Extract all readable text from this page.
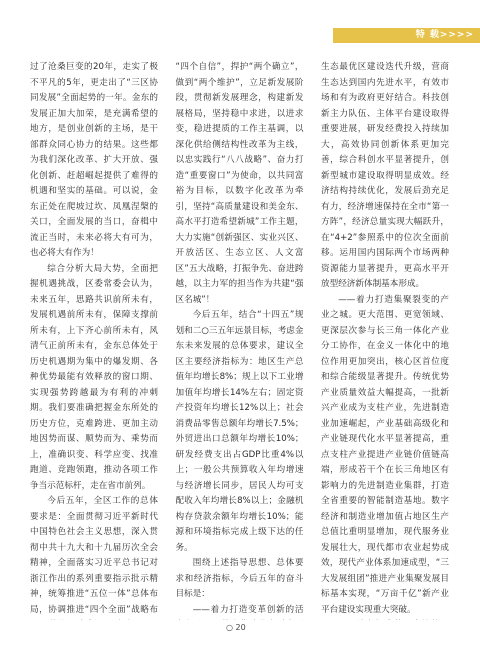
特 载>>>>

过了沧桑巨变的20年，走实了极不平凡的5年，更走出了“三区协同发展”全面起势的一年。金东的发展正加大加荣，是充满希望的地方，是创业创新的主场，是干部群众同心协力的结果。这些都为我们深化改革、扩大开放、强化创新、赶超崛起提供了难得的机遇和坚实的基础。可以说，金东正处在爬坡过坎、凤凰涅槃的关口，全面发展的当口，奋楫中流正当时，未来必将大有可为，也必将大有作为！

综合分析大局大势，全面把握机遇挑战，区委常委会认为，未来五年，思路共识前所未有，发展机遇前所未有，保障支撑前所未有，上下齐心前所未有，风清气正前所未有，金东总体处于历史机遇期为集中的爆发期、各种优势最能有效释放的窗口期、实现强势跨越最为有利的冲刺期。我们要准确把握金东所处的历史方位，克难跨进、更加主动地因势而谋、顺势而为、乘势而上，准确识变、科学应变、找准跑道、竞跑领跑，推动各项工作争当示范标杆，走在省市前列。

今后五年，全区工作的总体要求是：全面贯彻习近平新时代中国特色社会主义思想，深入贯彻中共十九大和十九届历次全会精神，全面落实习近平总书记对浙江作出的系列重要指示批示精神，统筹推进“五位一体”总体布局，协调推进“四个全面”战略布

“四个自信”，捍护“两个确立”，做到“两个维护”，立足新发展阶段，贯彻新发展理念，构建新发展格局，坚持稳中求进，以进求变，稳进提质的工作主基调，以深化供给侧结构性改革为主线，以忠实践行“八八战略”、奋力打造“重要窗口”为使命，以共同富裕为目标，以数字化改革为牵引，坚持“高质量建设和美金东、高水平打造希望新城”工作主题，大力实施“创新强区、实业兴区、开放活区、生态立区、人文富区”五大战略，打振争先、奋进跨越，以主力军的担当作为共建“强区名城”！

今后五年，结合“十四五”规划和二○三五年远景目标，考虑金东未来发展的总体要求，建议全区主要经济指标为：地区生产总值年均增长8%；规上以下工业增加值年均增长14%左右；固定资产投资年均增长12%以上；社会消费品零售总额年均增长7.5%；外贸进出口总额年均增长10%；研发经费支出占GDP比重4%以上；一般公共预算收入年均增速与经济增长同步，居民人均可支配收入年均增长8%以上；金融机构存贷款余额年均增长10%；能源和环境指标完成上级下达的任务。

围绕上述指导思想、总体要求和经济指标，今后五年的奋斗目标是：

——着力打造变革创新的活

生态最优区建设迭代升级，营商生态达到国内先进水平，有效市场和有为政府更好结合。科技创新主力队伍、主体平台建设取得重要进展，研发经费投入持续加大，高效协同创新体系更加完善，综合科创水平显著提升，创新型城市建设取得明显成效。经济结构持续优化，发展后劲充足有力，经济增速保持在全市“第一方阵”，经济总量实现大幅跃升，在“4+2”参照系中的位次全面前移。运用国内国际两个市场两种资源能力显著提升，更高水平开放型经济新体制基本形成。

——着力打造集聚裂变的产业之城。更大范围、更宽领域、更深层次参与长三角一体化产业分工协作，在金义一体化中的地位作用更加突出，核心区首位度和综合能级显著提升。传统优势产业质量效益大幅提高，一批新兴产业成为支柱产业，先进制造业加速崛起，产业基础高级化和产业链现代化水平显著提高，重点支柱产业提进产业链价值链高端，形成若干个在长三角地区有影响力的先进制造业集群，打造全省重要的智能制造基地。数字经济和制造业增加值占地区生产总值比重明显增加，现代服务业发展壮大，现代都市农业起势成效，现代产业体系加速成型，“三大发展组团”推进产业集聚发展目标基本实现，“万亩千亿”新产业平台建设实现重大突破。

○ 20
